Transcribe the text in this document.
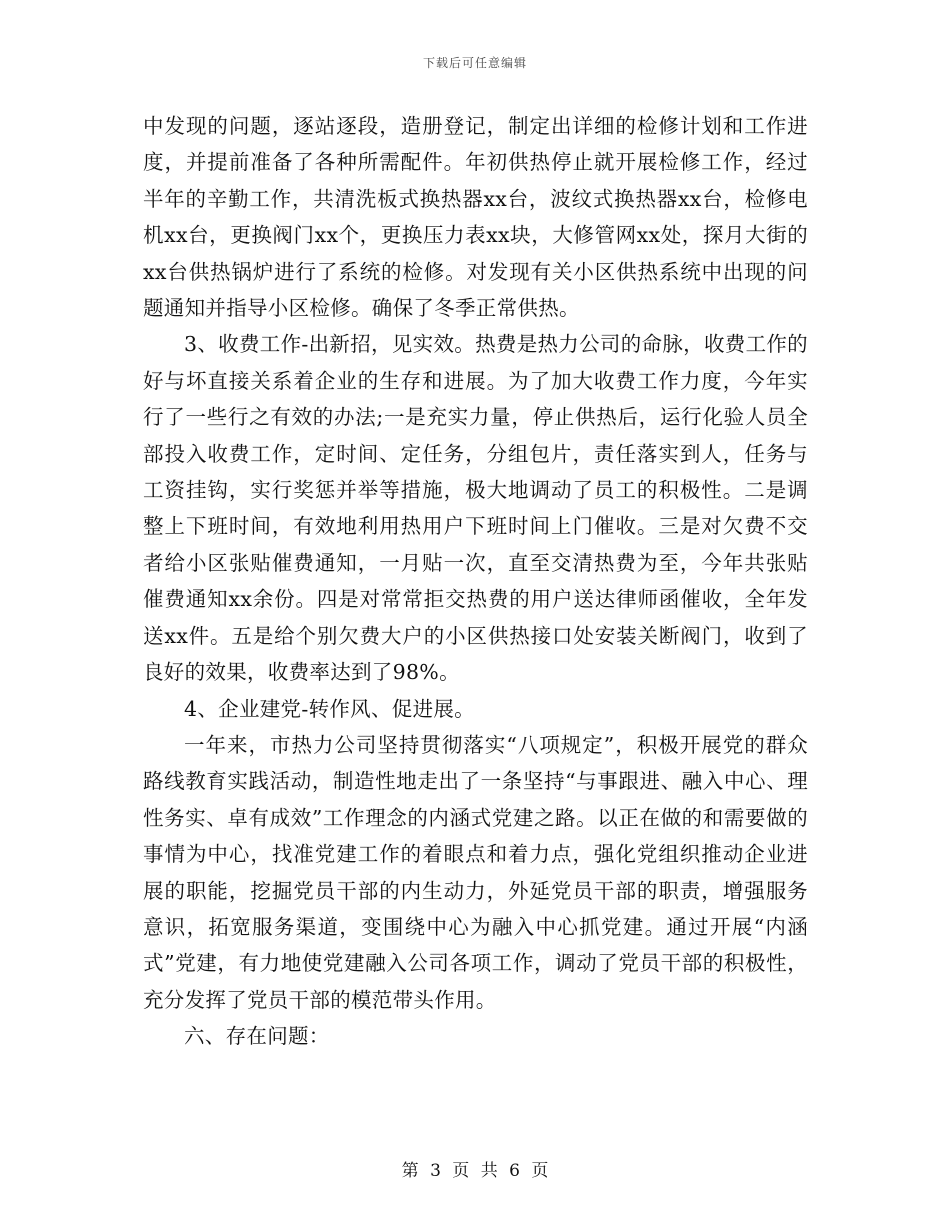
下载后可任意编辑

中发现的问题，逐站逐段，造册登记，制定出详细的检修计划和工作进度，并提前准备了各种所需配件。年初供热停止就开展检修工作，经过半年的辛勤工作，共清洗板式换热器xx台，波纹式换热器xx台，检修电机xx台，更换阀门xx个，更换压力表xx块，大修管网xx处，探月大街的xx台供热锅炉进行了系统的检修。对发现有关小区供热系统中出现的问题通知并指导小区检修。确保了冬季正常供热。

3、收费工作-出新招，见实效。热费是热力公司的命脉，收费工作的好与坏直接关系着企业的生存和进展。为了加大收费工作力度，今年实行了一些行之有效的办法;一是充实力量，停止供热后，运行化验人员全部投入收费工作，定时间、定任务，分组包片，责任落实到人，任务与工资挂钩，实行奖惩并举等措施，极大地调动了员工的积极性。二是调整上下班时间，有效地利用热用户下班时间上门催收。三是对欠费不交者给小区张贴催费通知，一月贴一次，直至交清热费为至，今年共张贴催费通知xx余份。四是对常常拒交热费的用户送达律师函催收，全年发送xx件。五是给个别欠费大户的小区供热接口处安装关断阀门，收到了良好的效果，收费率达到了98%。

4、企业建党-转作风、促进展。

一年来，市热力公司坚持贯彻落实“八项规定”，积极开展党的群众路线教育实践活动，制造性地走出了一条坚持“与事跟进、融入中心、理性务实、卓有成效”工作理念的内涵式党建之路。以正在做的和需要做的事情为中心，找准党建工作的着眼点和着力点，强化党组织推动企业进展的职能，挖掘党员干部的内生动力，外延党员干部的职责，增强服务意识，拓宽服务渠道，变围绕中心为融入中心抓党建。通过开展“内涵式”党建，有力地使党建融入公司各项工作，调动了党员干部的积极性，充分发挥了党员干部的模范带头作用。

六、存在问题：

第 3 页 共 6 页
